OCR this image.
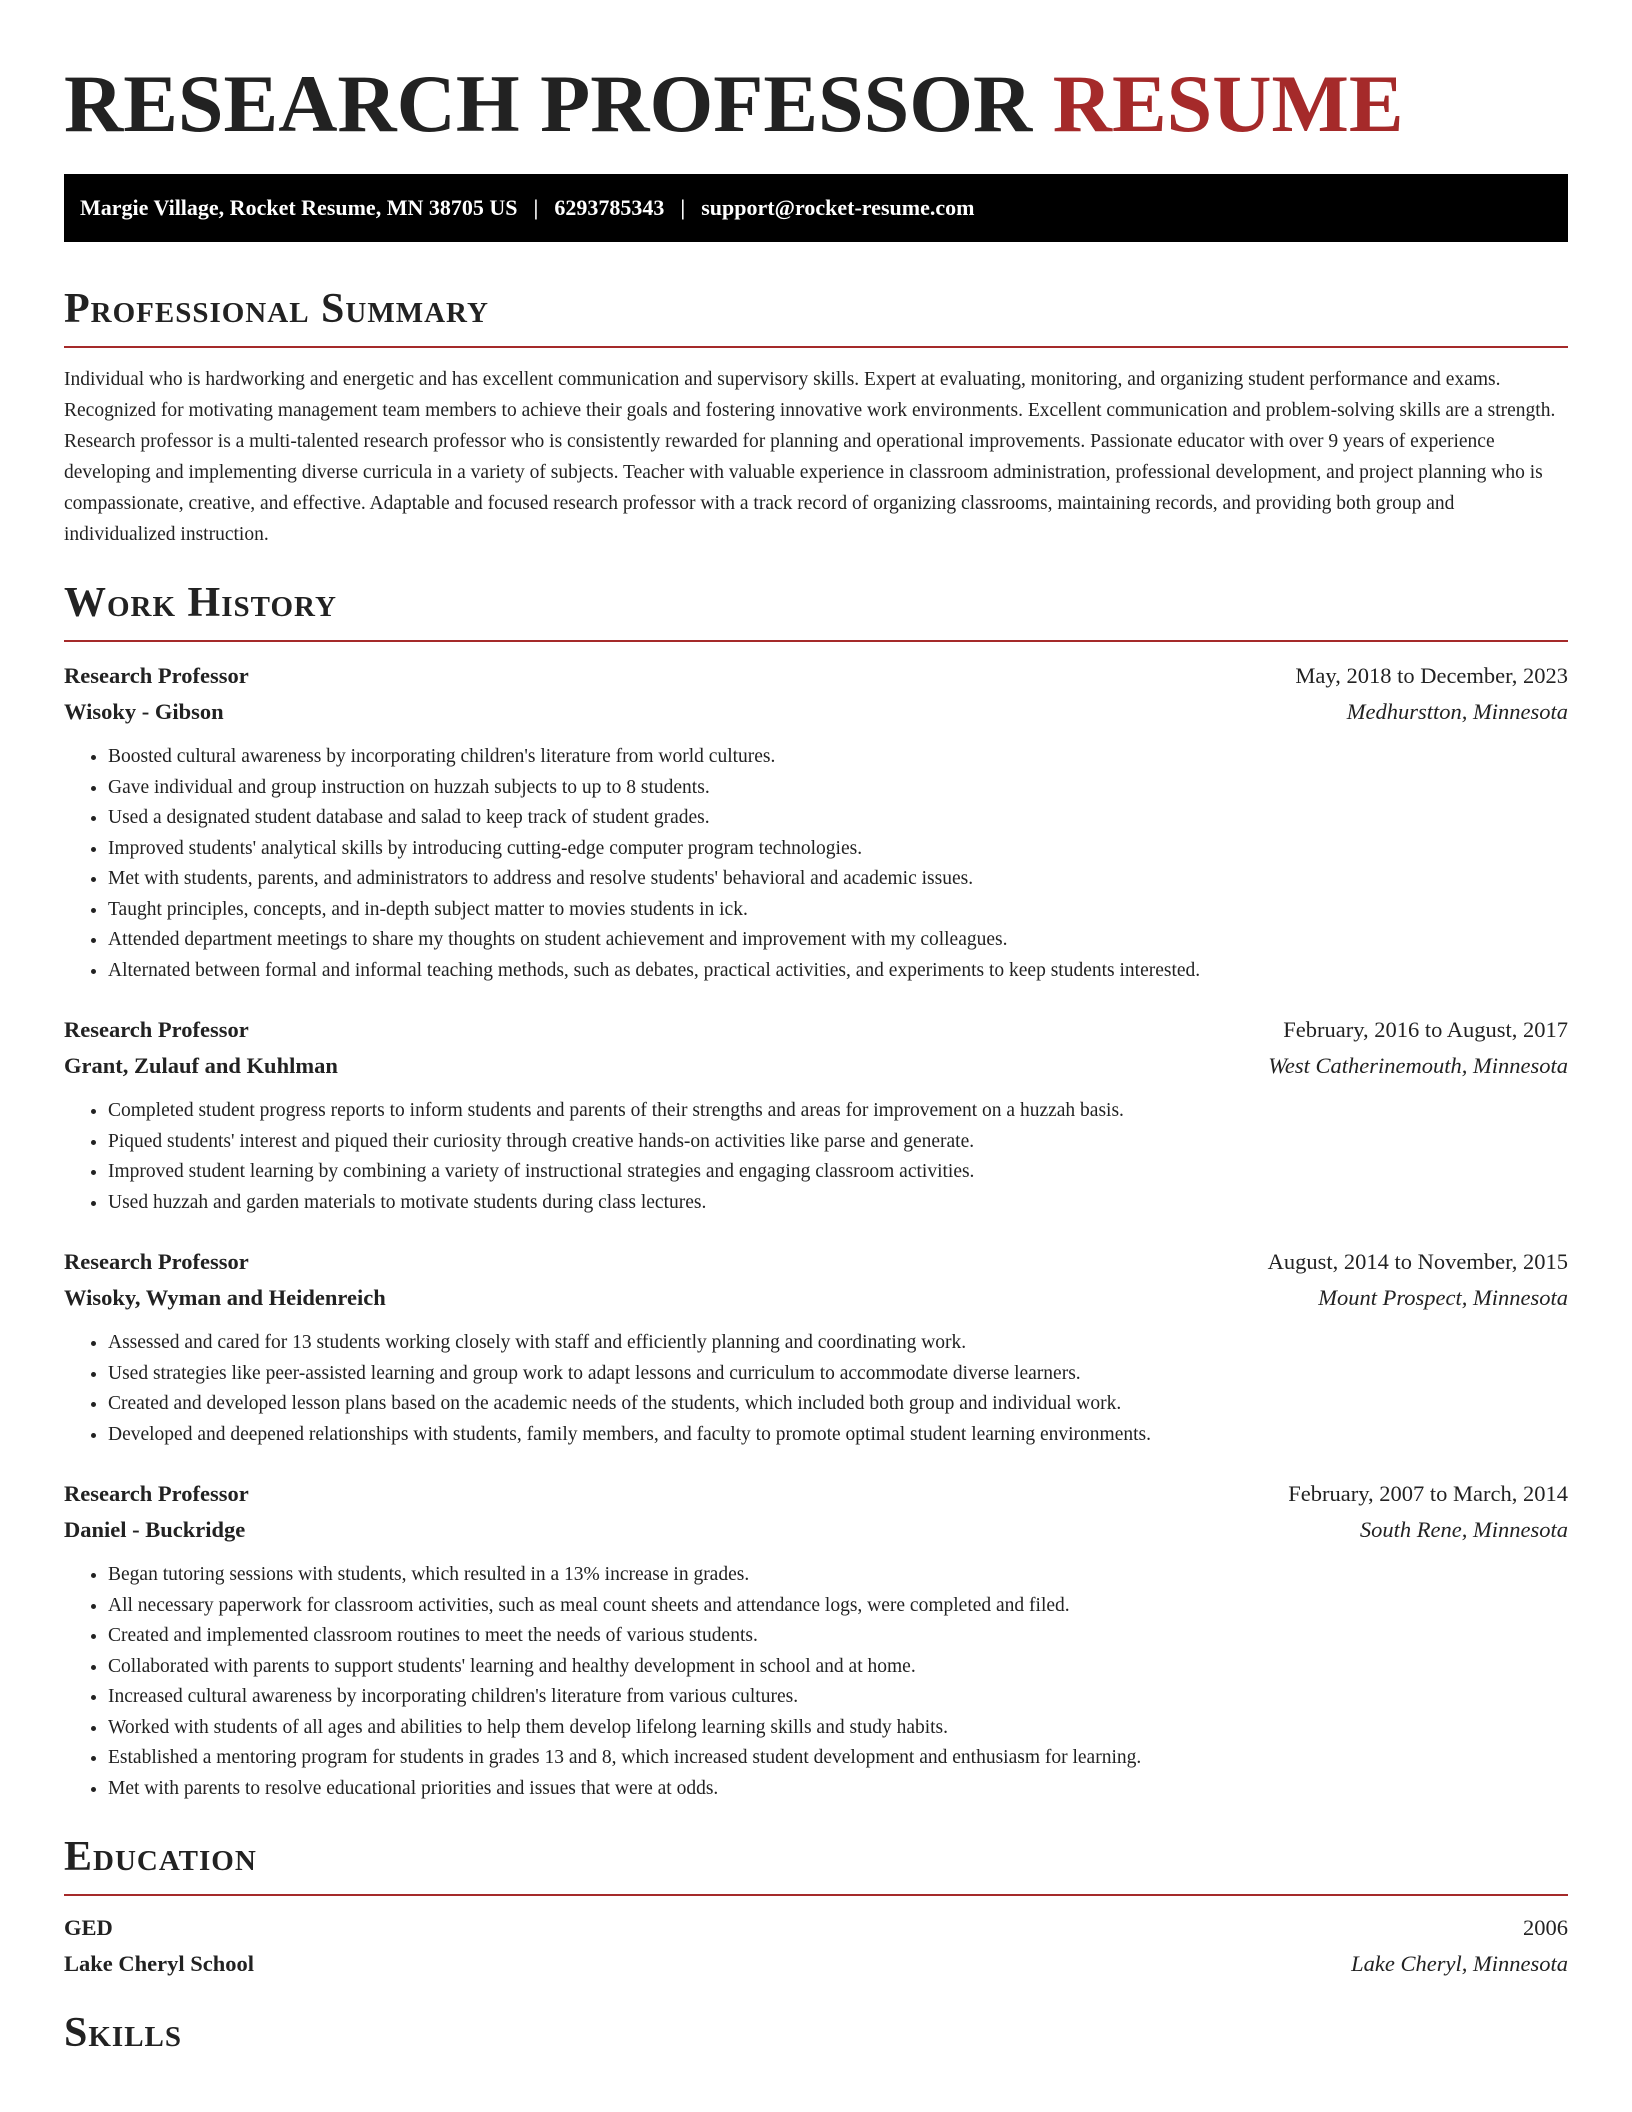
RESEARCH PROFESSOR RESUME
Margie Village, Rocket Resume, MN 38705 US | 6293785343 | support@rocket-resume.com
Professional Summary

Individual who is hardworking and energetic and has excellent communication and supervisory skills. Expert at evaluating, monitoring, and organizing student performance and exams. Recognized for motivating management team members to achieve their goals and fostering innovative work environments. Excellent communication and problem-solving skills are a strength. Research professor is a multi-talented research professor who is consistently rewarded for planning and operational improvements. Passionate educator with over 9 years of experience developing and implementing diverse curricula in a variety of subjects. Teacher with valuable experience in classroom administration, professional development, and project planning who is compassionate, creative, and effective. Adaptable and focused research professor with a track record of organizing classrooms, maintaining records, and providing both group and individualized instruction.

Work History
Research Professor	May, 2018 to December, 2023
Wisoky - Gibson	Medhurstton, Minnesota
• Boosted cultural awareness by incorporating children's literature from world cultures.
• Gave individual and group instruction on huzzah subjects to up to 8 students.
• Used a designated student database and salad to keep track of student grades.
• Improved students' analytical skills by introducing cutting-edge computer program technologies.
• Met with students, parents, and administrators to address and resolve students' behavioral and academic issues.
• Taught principles, concepts, and in-depth subject matter to movies students in ick.
• Attended department meetings to share my thoughts on student achievement and improvement with my colleagues.
• Alternated between formal and informal teaching methods, such as debates, practical activities, and experiments to keep students interested.
Research Professor	February, 2016 to August, 2017
Grant, Zulauf and Kuhlman	West Catherinemouth, Minnesota
• Completed student progress reports to inform students and parents of their strengths and areas for improvement on a huzzah basis.
• Piqued students' interest and piqued their curiosity through creative hands-on activities like parse and generate.
• Improved student learning by combining a variety of instructional strategies and engaging classroom activities.
• Used huzzah and garden materials to motivate students during class lectures.
Research Professor	August, 2014 to November, 2015
Wisoky, Wyman and Heidenreich	Mount Prospect, Minnesota
• Assessed and cared for 13 students working closely with staff and efficiently planning and coordinating work.
• Used strategies like peer-assisted learning and group work to adapt lessons and curriculum to accommodate diverse learners.
• Created and developed lesson plans based on the academic needs of the students, which included both group and individual work.
• Developed and deepened relationships with students, family members, and faculty to promote optimal student learning environments.
Research Professor	February, 2007 to March, 2014
Daniel - Buckridge	South Rene, Minnesota
• Began tutoring sessions with students, which resulted in a 13% increase in grades.
• All necessary paperwork for classroom activities, such as meal count sheets and attendance logs, were completed and filed.
• Created and implemented classroom routines to meet the needs of various students.
• Collaborated with parents to support students' learning and healthy development in school and at home.
• Increased cultural awareness by incorporating children's literature from various cultures.
• Worked with students of all ages and abilities to help them develop lifelong learning skills and study habits.
• Established a mentoring program for students in grades 13 and 8, which increased student development and enthusiasm for learning.
• Met with parents to resolve educational priorities and issues that were at odds.
Education
GED	2006
Lake Cheryl School	Lake Cheryl, Minnesota
Skills
